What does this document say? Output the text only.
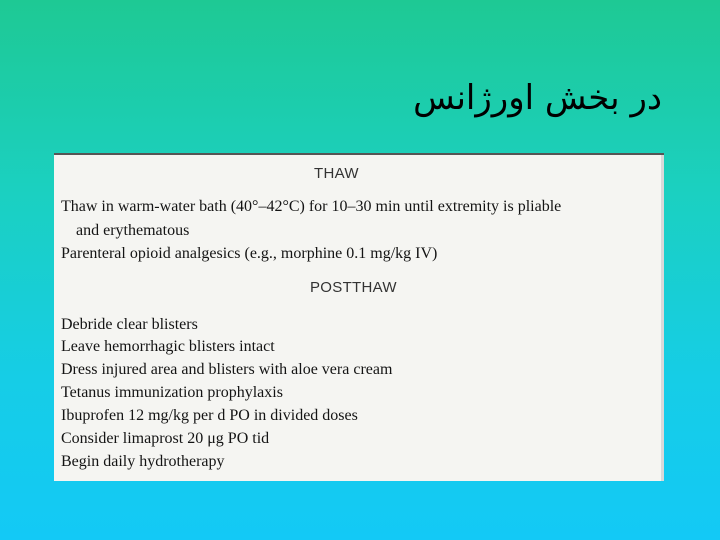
در بخش اورژانس
THAW
Thaw in warm-water bath (40°–42°C) for 10–30 min until extremity is pliable
and erythematous
Parenteral opioid analgesics (e.g., morphine 0.1 mg/kg IV)
POSTTHAW
Debride clear blisters
Leave hemorrhagic blisters intact
Dress injured area and blisters with aloe vera cream
Tetanus immunization prophylaxis
Ibuprofen 12 mg/kg per d PO in divided doses
Consider limaprost 20 μg PO tid
Begin daily hydrotherapy
